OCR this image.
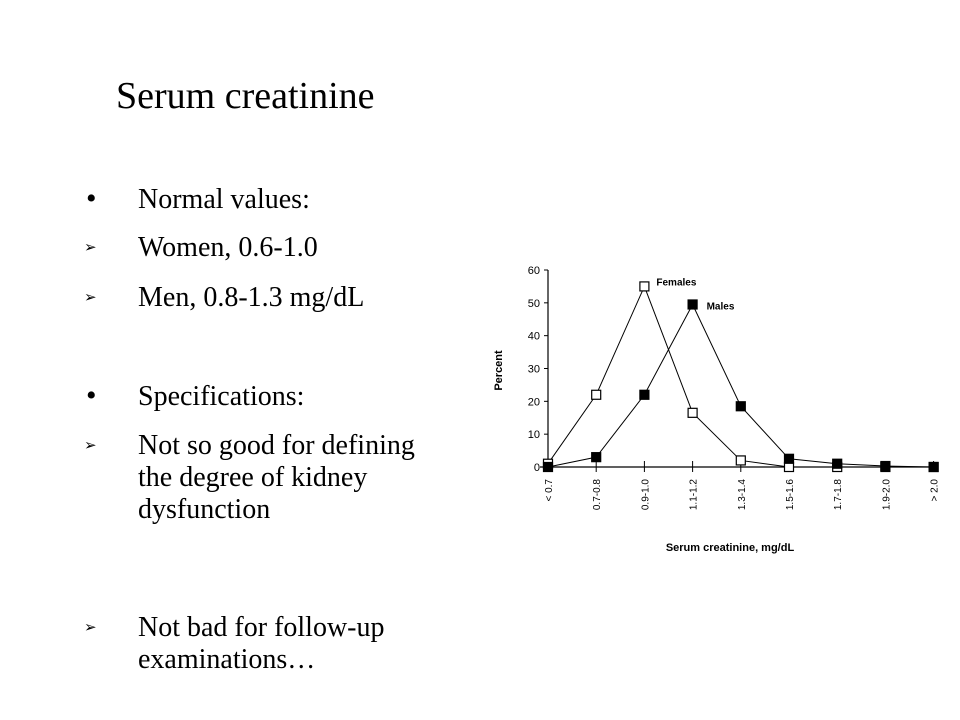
Serum creatinine
• Normal values:
➢ Women, 0.6-1.0
➢ Men, 0.8-1.3 mg/dL
• Specifications:
➢ Not so good for defining the degree of kidney dysfunction
➢ Not bad for follow-up examinations…
0
10
20
30
40
50
60
Percent
< 0.7	0.7-0.8	0.9-1.0	1.1-1.2	1.3-1.4	1.5-1.6	1.7-1.8	1.9-2.0	> 2.0
Serum creatinine, mg/dL
Females
Males
